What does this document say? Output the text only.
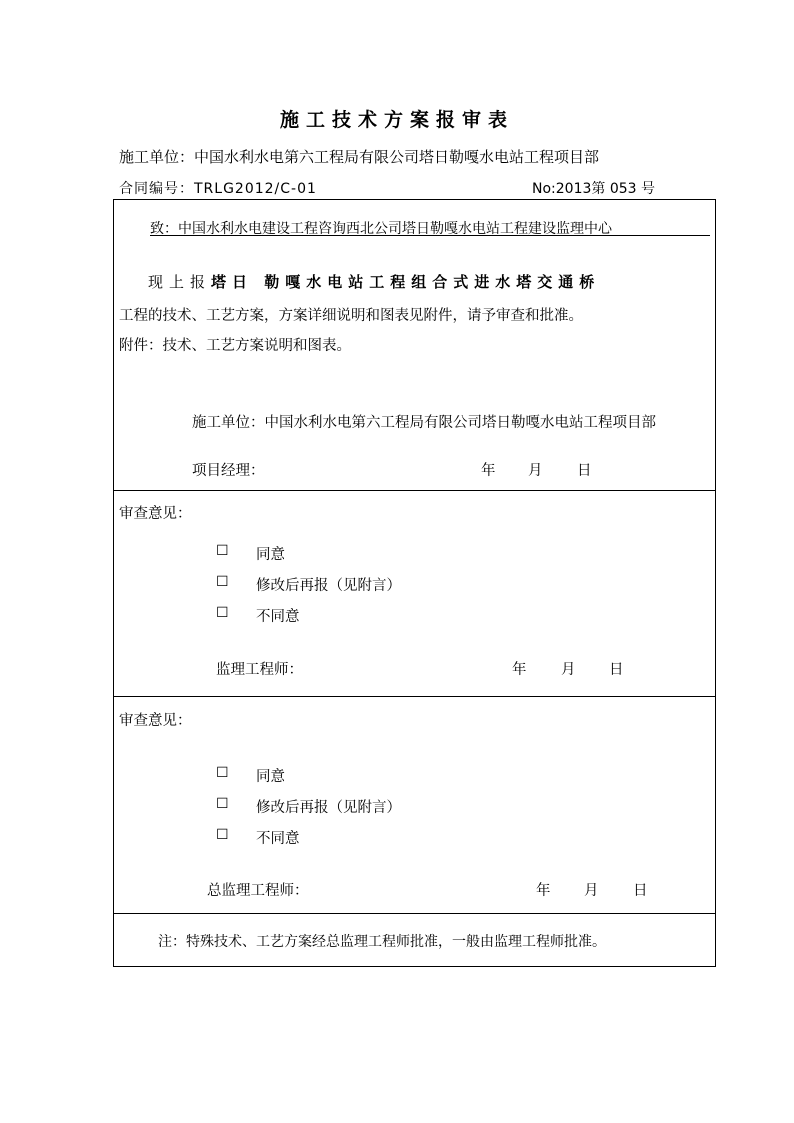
施工技术方案报审表
施工单位：中国水利水电第六工程局有限公司塔日勒嘎水电站工程项目部
合同编号：TRLG2012/C-01	No:2013第 053 号
致：中国水利水电建设工程咨询西北公司塔日勒嘎水电站工程建设监理中心
现上报塔日 勒嘎水电站工程组合式进水塔交通桥
工程的技术、工艺方案，方案详细说明和图表见附件，请予审查和批准。
附件：技术、工艺方案说明和图表。
施工单位：中国水利水电第六工程局有限公司塔日勒嘎水电站工程项目部
项目经理：	年 月 日
审查意见：
☐ 同意
☐ 修改后再报（见附言）
☐ 不同意
监理工程师：	年 月 日
审查意见：
☐ 同意
☐ 修改后再报（见附言）
☐ 不同意
总监理工程师：	年 月 日
注：特殊技术、工艺方案经总监理工程师批准，一般由监理工程师批准。
